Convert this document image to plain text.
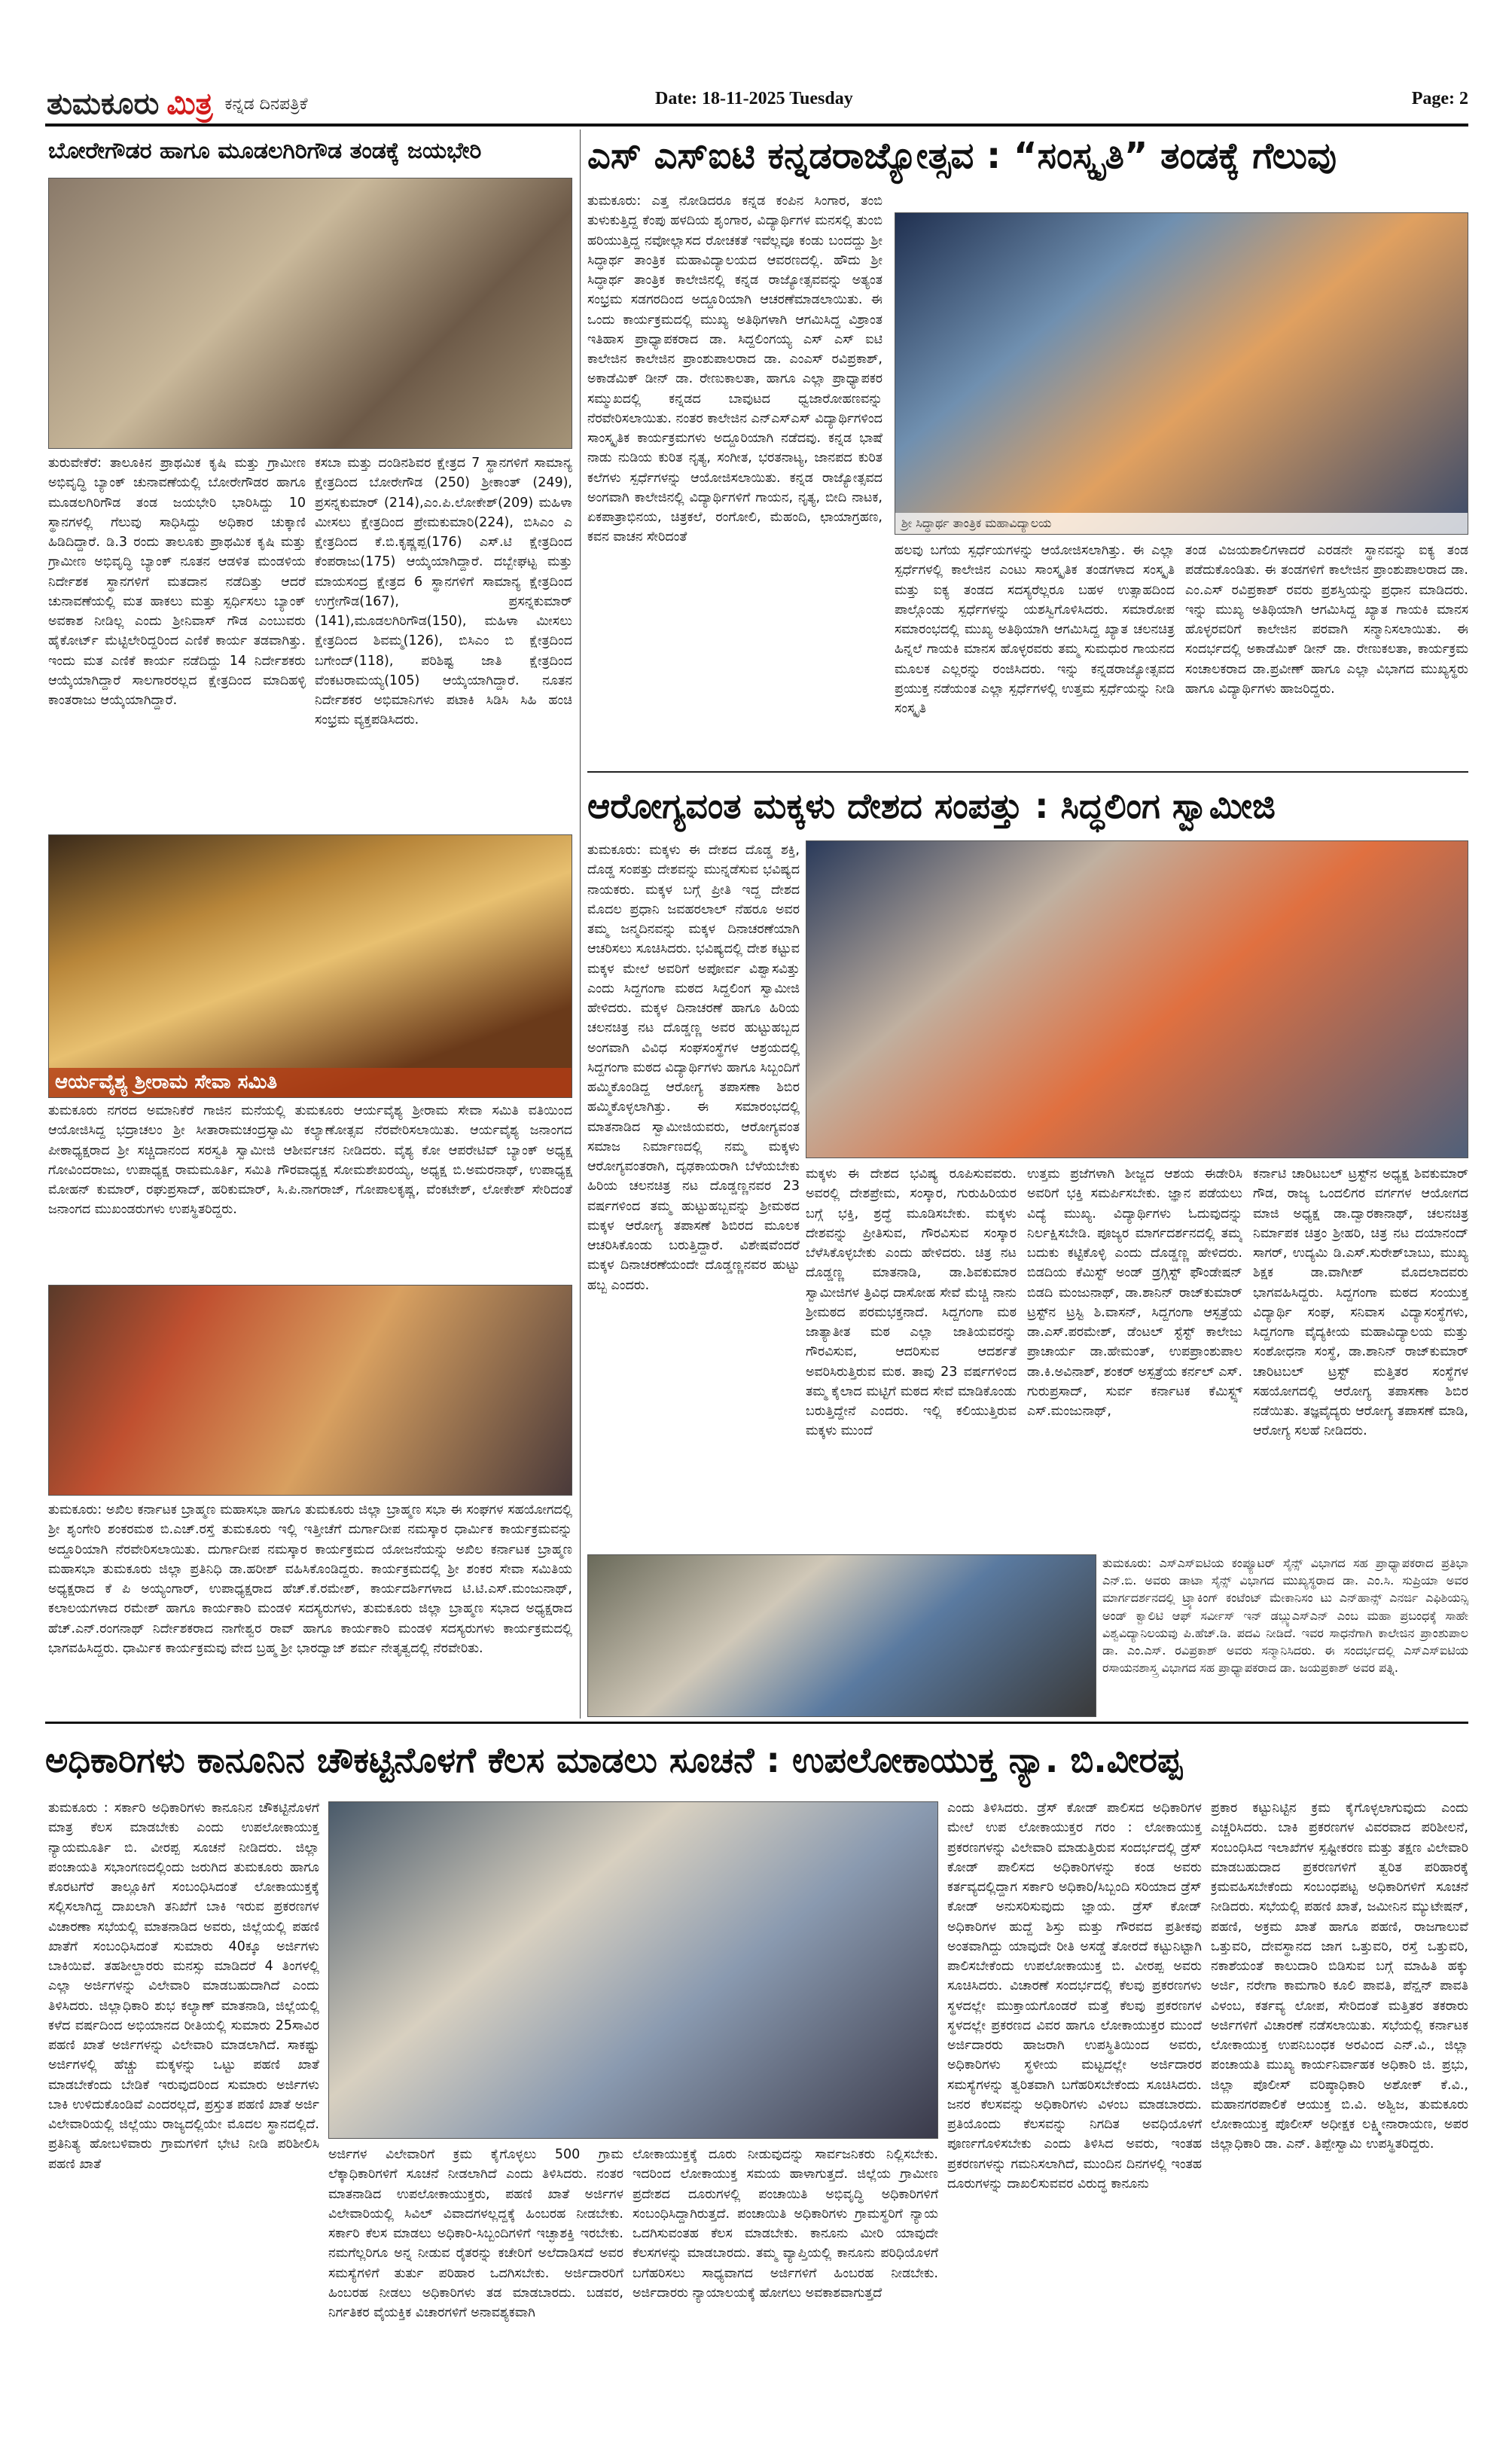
ತುಮಕೂರು ಮಿತ್ರ ಕನ್ನಡ ದಿನಪತ್ರಿಕೆ	Date: 18-11-2025 Tuesday	Page: 2
ಬೋರೇಗೌಡರ ಹಾಗೂ ಮೂಡಲಗಿರಿಗೌಡ ತಂಡಕ್ಕೆ ಜಯಭೇರಿ
ತುರುವೇಕೆರೆ: ತಾಲೂಕಿನ ಪ್ರಾಥಮಿಕ ಕೃಷಿ ಮತ್ತು ಗ್ರಾಮೀಣ ಅಭಿವೃದ್ಧಿ ಬ್ಯಾಂಕ್ ಚುನಾವಣೆಯಲ್ಲಿ ಬೋರೇಗೌಡರ ಹಾಗೂ ಮೂಡಲಗಿರಿಗೌಡ ತಂಡ ಜಯಭೇರಿ ಭಾರಿಸಿದ್ದು 10 ಸ್ಥಾನಗಳಲ್ಲಿ ಗೆಲುವು ಸಾಧಿಸಿದ್ದು ಅಧಿಕಾರ ಚುಕ್ಕಾಣಿ ಹಿಡಿದಿದ್ದಾರೆ. ಡಿ.3 ರಂದು ತಾಲೂಕು ಪ್ರಾಥಮಿಕ ಕೃಷಿ ಮತ್ತು ಗ್ರಾಮೀಣ ಅಭಿವೃದ್ಧಿ ಬ್ಯಾಂಕ್ ನೂತನ ಆಡಳಿತ ಮಂಡಳಿಯ ನಿರ್ದೇಶಕ ಸ್ಥಾನಗಳಿಗೆ ಮತದಾನ ನಡೆದಿತ್ತು ಆದರೆ ಚುನಾವಣೆಯಲ್ಲಿ ಮತ ಹಾಕಲು ಮತ್ತು ಸ್ಪರ್ಧಿಸಲು ಬ್ಯಾಂಕ್ ಅವಕಾಶ ನೀಡಿಲ್ಲ ಎಂದು ಶ್ರೀನಿವಾಸ್ ಗೌಡ ಎಂಬುವರು ಹೈಕೋರ್ಟ್ ಮೆಟ್ಟಿಲೇರಿದ್ದರಿಂದ ಎಣಿಕೆ ಕಾರ್ಯ ತಡವಾಗಿತ್ತು. ಇಂದು ಮತ ಎಣಿಕೆ ಕಾರ್ಯ ನಡೆದಿದ್ದು 14 ನಿರ್ದೇಶಕರು ಆಯ್ಕೆಯಾಗಿದ್ದಾರೆ ಸಾಲಗಾರರಲ್ಲದ ಕ್ಷೇತ್ರದಿಂದ ಮಾದಿಹಳ್ಳಿ ಕಾಂತರಾಜು ಆಯ್ಕೆಯಾಗಿದ್ದಾರೆ.
ಕಸಬಾ ಮತ್ತು ದಂಡಿನಶಿವರ ಕ್ಷೇತ್ರದ 7 ಸ್ಥಾನಗಳಿಗೆ ಸಾಮಾನ್ಯ ಕ್ಷೇತ್ರದಿಂದ ಬೋರೇಗೌಡ (250) ಶ್ರೀಕಾಂತ್ (249), ಪ್ರಸನ್ನಕುಮಾರ್ (214),ಎಂ.ಪಿ.ಲೋಕೇಶ್(209) ಮಹಿಳಾ ಮೀಸಲು ಕ್ಷೇತ್ರದಿಂದ ಪ್ರೇಮಕುಮಾರಿ(224), ಬಿಸಿಎಂ ಎ ಕ್ಷೇತ್ರದಿಂದ ಕೆ.ಬಿ.ಕೃಷ್ಣಪ್ಪ(176) ಎಸ್.ಟಿ ಕ್ಷೇತ್ರದಿಂದ ಕೆಂಪರಾಜು(175) ಆಯ್ಕೆಯಾಗಿದ್ದಾರೆ. ದಬ್ಬೇಘಟ್ಟ ಮತ್ತು ಮಾಯಸಂದ್ರ ಕ್ಷೇತ್ರದ 6 ಸ್ಥಾನಗಳಿಗೆ ಸಾಮಾನ್ಯ ಕ್ಷೇತ್ರದಿಂದ ಉಗ್ರೇಗೌಡ(167), ಪ್ರಸನ್ನಕುಮಾರ್ (141),ಮೂಡಲಗಿರಿಗೌಡ(150), ಮಹಿಳಾ ಮೀಸಲು ಕ್ಷೇತ್ರದಿಂದ ಶಿವಮ್ಮ(126), ಬಿಸಿಎಂ ಬಿ ಕ್ಷೇತ್ರದಿಂದ ಬಗೇಂದ್(118), ಪರಿಶಿಷ್ಟ ಜಾತಿ ಕ್ಷೇತ್ರದಿಂದ ವೆಂಕಟರಾಮಯ್ಯ(105) ಆಯ್ಕೆಯಾಗಿದ್ದಾರೆ. ನೂತನ ನಿರ್ದೇಶಕರ ಅಭಿಮಾನಿಗಳು ಪಟಾಕಿ ಸಿಡಿಸಿ ಸಿಹಿ ಹಂಚಿ ಸಂಭ್ರಮ ವ್ಯಕ್ತಪಡಿಸಿದರು.
ಎಸ್ ಎಸ್ಐಟಿ ಕನ್ನಡರಾಜ್ಯೋತ್ಸವ : “ಸಂಸ್ಕೃತಿ” ತಂಡಕ್ಕೆ ಗೆಲುವು
ತುಮಕೂರು: ಎತ್ತ ನೋಡಿದರೂ ಕನ್ನಡ ಕಂಪಿನ ಸಿಂಗಾರ, ತಂಬಿ ತುಳುಕುತ್ತಿದ್ದ ಕೆಂಪು ಹಳದಿಯ ಶೃಂಗಾರ, ವಿದ್ಯಾರ್ಥಿಗಳ ಮನಸಲ್ಲಿ ತುಂಬಿ ಹರಿಯುತ್ತಿದ್ದ ನವೋಲ್ಲಾಸದ ರೋಚಕತೆ ಇವೆಲ್ಲವೂ ಕಂಡು ಬಂದದ್ದು ಶ್ರೀ ಸಿದ್ಧಾರ್ಥ ತಾಂತ್ರಿಕ ಮಹಾವಿದ್ಯಾಲಯದ ಆವರಣದಲ್ಲಿ. ಹೌದು ಶ್ರೀ ಸಿದ್ಧಾರ್ಥ ತಾಂತ್ರಿಕ ಕಾಲೇಜಿನಲ್ಲಿ ಕನ್ನಡ ರಾಜ್ಯೋತ್ಸವವನ್ನು ಅತ್ಯಂತ ಸಂಭ್ರಮ ಸಡಗರದಿಂದ ಅದ್ದೂರಿಯಾಗಿ ಆಚರಣೆಮಾಡಲಾಯಿತು. ಈ ಒಂದು ಕಾರ್ಯಕ್ರಮದಲ್ಲಿ ಮುಖ್ಯ ಅತಿಥಿಗಳಾಗಿ ಆಗಮಿಸಿದ್ದ ವಿಶ್ರಾಂತ ಇತಿಹಾಸ ಪ್ರಾಧ್ಯಾಪಕರಾದ ಡಾ. ಸಿದ್ದಲಿಂಗಯ್ಯ ಎಸ್ ಎಸ್ ಐಟಿ ಕಾಲೇಜಿನ ಕಾಲೇಜಿನ ಪ್ರಾಂಶುಪಾಲರಾದ ಡಾ. ಎಂಎಸ್ ರವಿಪ್ರಕಾಶ್, ಅಕಾಡೆಮಿಕ್ ಡೀನ್ ಡಾ. ರೇಣುಕಾಲತಾ, ಹಾಗೂ ಎಲ್ಲಾ ಪ್ರಾಧ್ಯಾಪಕರ ಸಮ್ಮುಖದಲ್ಲಿ ಕನ್ನಡದ ಬಾವುಟದ ಧ್ವಜಾರೋಹಣವನ್ನು ನೆರವೇರಿಸಲಾಯಿತು. ನಂತರ ಕಾಲೇಜಿನ ಎನ್ಎಸ್ಎಸ್ ವಿದ್ಯಾರ್ಥಿಗಳಿಂದ ಸಾಂಸ್ಕೃತಿಕ ಕಾರ್ಯಕ್ರಮಗಳು ಅದ್ದೂರಿಯಾಗಿ ನಡೆದವು. ಕನ್ನಡ ಭಾಷೆ ನಾಡು ನುಡಿಯ ಕುರಿತ ನೃತ್ಯ, ಸಂಗೀತ, ಭರತನಾಟ್ಯ, ಜಾನಪದ ಕುರಿತ ಕಲೆಗಳು ಸ್ಪರ್ಧೆಗಳನ್ನು ಆಯೋಜಿಸಲಾಯಿತು. ಕನ್ನಡ ರಾಜ್ಯೋತ್ಸವದ ಅಂಗವಾಗಿ ಕಾಲೇಜಿನಲ್ಲಿ ವಿದ್ಯಾರ್ಥಿಗಳಿಗೆ ಗಾಯನ, ನೃತ್ಯ, ಬೀದಿ ನಾಟಕ, ಏಕಪಾತ್ರಾಭಿನಯ, ಚಿತ್ರಕಲೆ, ರಂಗೋಲಿ, ಮೆಹಂದಿ, ಛಾಯಾಗ್ರಹಣ, ಕವನ ವಾಚನ ಸೇರಿದಂತೆ
ಶ್ರೀ ಸಿದ್ಧಾರ್ಥ ತಾಂತ್ರಿಕ ಮಹಾವಿದ್ಯಾಲಯ
ಹಲವು ಬಗೆಯ ಸ್ಪರ್ಧೆಯಗಳನ್ನು ಆಯೋಜಿಸಲಾಗಿತ್ತು. ಈ ಎಲ್ಲಾ ಸ್ಪರ್ಧೆಗಳಲ್ಲಿ ಕಾಲೇಜಿನ ಎಂಟು ಸಾಂಸ್ಕೃತಿಕ ತಂಡಗಳಾದ ಸಂಸ್ಕೃತಿ ಮತ್ತು ಐಕ್ಯ ತಂಡದ ಸದಸ್ಯರೆಲ್ಲರೂ ಬಹಳ ಉತ್ಸಾಹದಿಂದ ಪಾಲ್ಗೊಂಡು ಸ್ಪರ್ಧೆಗಳನ್ನು ಯಶಸ್ವಿಗೊಳಿಸಿದರು. ಸಮಾರೋಪ ಸಮಾರಂಭದಲ್ಲಿ ಮುಖ್ಯ ಅತಿಥಿಯಾಗಿ ಆಗಮಿಸಿದ್ದ ಖ್ಯಾತ ಚಲನಚಿತ್ರ ಹಿನ್ನಲೆ ಗಾಯಕಿ ಮಾನಸ ಹೊಳ್ಳರವರು ತಮ್ಮ ಸುಮಧುರ ಗಾಯನದ ಮೂಲಕ ಎಲ್ಲರನ್ನು ರಂಜಿಸಿದರು. ಇನ್ನು ಕನ್ನಡರಾಜ್ಯೋತ್ಸವದ ಪ್ರಯುಕ್ತ ನಡೆಯಂತ ಎಲ್ಲಾ ಸ್ಪರ್ಧೆಗಳಲ್ಲಿ ಉತ್ತಮ ಸ್ಪರ್ಧೆಯನ್ನು ನೀಡಿ ಸಂಸ್ಕೃತಿ
ತಂಡ ವಿಜಯಶಾಲಿಗಳಾದರೆ ಎರಡನೇ ಸ್ಥಾನವನ್ನು ಐಕ್ಯ ತಂಡ ಪಡೆದುಕೊಂಡಿತು. ಈ ತಂಡಗಳಿಗೆ ಕಾಲೇಜಿನ ಪ್ರಾಂಶುಪಾಲರಾದ ಡಾ. ಎಂ.ಎಸ್ ರವಿಪ್ರಕಾಶ್ ರವರು ಪ್ರಶಸ್ತಿಯನ್ನು ಪ್ರಧಾನ ಮಾಡಿದರು. ಇನ್ನು ಮುಖ್ಯ ಅತಿಥಿಯಾಗಿ ಆಗಮಿಸಿದ್ದ ಖ್ಯಾತ ಗಾಯಕಿ ಮಾನಸ ಹೊಳ್ಳರವರಿಗೆ ಕಾಲೇಜಿನ ಪರವಾಗಿ ಸನ್ಮಾನಿಸಲಾಯಿತು. ಈ ಸಂದರ್ಭದಲ್ಲಿ ಅಕಾಡೆಮಿಕ್ ಡೀನ್ ಡಾ. ರೇಣುಕಲತಾ, ಕಾರ್ಯಕ್ರಮ ಸಂಚಾಲಕರಾದ ಡಾ.ಪ್ರವೀಣ್ ಹಾಗೂ ಎಲ್ಲಾ ವಿಭಾಗದ ಮುಖ್ಯಸ್ಥರು ಹಾಗೂ ವಿದ್ಯಾರ್ಥಿಗಳು ಹಾಜರಿದ್ದರು.
ಆರ್ಯವೈಶ್ಯ ಶ್ರೀರಾಮ ಸೇವಾ ಸಮಿತಿ
ತುಮಕೂರು ನಗರದ ಅಮಾನಿಕೆರೆ ಗಾಜಿನ ಮನೆಯಲ್ಲಿ ತುಮಕೂರು ಆರ್ಯವೈಶ್ಯ ಶ್ರೀರಾಮ ಸೇವಾ ಸಮಿತಿ ವತಿಯಿಂದ ಆಯೋಜಿಸಿದ್ದ ಭದ್ರಾಚಲಂ ಶ್ರೀ ಸೀತಾರಾಮಚಂದ್ರಸ್ವಾಮಿ ಕಲ್ಯಾಣೋತ್ಸವ ನೆರವೇರಿಸಲಾಯಿತು. ಆರ್ಯವೈಶ್ಯ ಜನಾಂಗದ ಪೀಠಾಧ್ಯಕ್ಷರಾದ ಶ್ರೀ ಸಚ್ಚಿದಾನಂದ ಸರಸ್ವತಿ ಸ್ವಾಮೀಜಿ ಆಶೀರ್ವಚನ ನೀಡಿದರು. ವೈಶ್ಯ ಕೋ ಆಪರೇಟಿವ್ ಬ್ಯಾಂಕ್ ಅಧ್ಯಕ್ಷ ಗೋವಿಂದರಾಜು, ಉಪಾಧ್ಯಕ್ಷ ರಾಮಮೂರ್ತಿ, ಸಮಿತಿ ಗೌರವಾಧ್ಯಕ್ಷ ಸೋಮಶೇಖರಯ್ಯ, ಅಧ್ಯಕ್ಷ ಬಿ.ಅಮರನಾಥ್, ಉಪಾಧ್ಯಕ್ಷ ಮೋಹನ್ ಕುಮಾರ್, ರಘುಪ್ರಸಾದ್, ಹರಿಕುಮಾರ್, ಸಿ.ಪಿ.ನಾಗರಾಜ್, ಗೋಪಾಲಕೃಷ್ಣ, ವೆಂಕಟೇಶ್, ಲೋಕೇಶ್ ಸೇರಿದಂತೆ ಜನಾಂಗದ ಮುಖಂಡರುಗಳು ಉಪಸ್ಥಿತರಿದ್ದರು.
ತುಮಕೂರು: ಅಖಿಲ ಕರ್ನಾಟಕ ಬ್ರಾಹ್ಮಣ ಮಹಾಸಭಾ ಹಾಗೂ ತುಮಕೂರು ಜಿಲ್ಲಾ ಬ್ರಾಹ್ಮಣ ಸಭಾ ಈ ಸಂಘಗಳ ಸಹಯೋಗದಲ್ಲಿ ಶ್ರೀ ಶೃಂಗೇರಿ ಶಂಕರಮಠ ಬಿ.ಎಚ್.ರಸ್ತೆ ತುಮಕೂರು ಇಲ್ಲಿ ಇತ್ತೀಚೆಗೆ ದುರ್ಗಾದೀಪ ನಮಸ್ಕಾರ ಧಾರ್ಮಿಕ ಕಾರ್ಯಕ್ರಮವನ್ನು ಅದ್ದೂರಿಯಾಗಿ ನೆರವೇರಿಸಲಾಯಿತು. ದುರ್ಗಾದೀಪ ನಮಸ್ಕಾರ ಕಾರ್ಯಕ್ರಮದ ಯೋಜನೆಯನ್ನು ಅಖಿಲ ಕರ್ನಾಟಕ ಬ್ರಾಹ್ಮಣ ಮಹಾಸಭಾ ತುಮಕೂರು ಜಿಲ್ಲಾ ಪ್ರತಿನಿಧಿ ಡಾ.ಹರೀಶ್ ವಹಿಸಿಕೊಂಡಿದ್ದರು. ಕಾರ್ಯಕ್ರಮದಲ್ಲಿ ಶ್ರೀ ಶಂಕರ ಸೇವಾ ಸಮಿತಿಯ ಅಧ್ಯಕ್ಷರಾದ ಕೆ ಪಿ ಅಯ್ಯಂಗಾರ್, ಉಪಾಧ್ಯಕ್ಷರಾದ ಹೆಚ್.ಕೆ.ರಮೇಶ್, ಕಾರ್ಯದರ್ಶಿಗಳಾದ ಟಿ.ಟಿ.ಎಸ್.ಮಂಜುನಾಥ್, ಕಲಾಲಯಗಳಾದ ರಮೇಶ್ ಹಾಗೂ ಕಾರ್ಯಕಾರಿ ಮಂಡಳಿ ಸದಸ್ಯರುಗಳು, ತುಮಕೂರು ಜಿಲ್ಲಾ ಬ್ರಾಹ್ಮಣ ಸಭಾದ ಅಧ್ಯಕ್ಷರಾದ ಹೆಚ್.ಎನ್.ರಂಗನಾಥ್ ನಿರ್ದೇಶಕರಾದ ನಾಗೇಶ್ವರ ರಾವ್ ಹಾಗೂ ಕಾರ್ಯಕಾರಿ ಮಂಡಳಿ ಸದಸ್ಯರುಗಳು ಕಾರ್ಯಕ್ರಮದಲ್ಲಿ ಭಾಗವಹಿಸಿದ್ದರು. ಧಾರ್ಮಿಕ ಕಾರ್ಯಕ್ರಮವು ವೇದ ಬ್ರಹ್ಮ ಶ್ರೀ ಭಾರದ್ವಾಜ್ ಶರ್ಮ ನೇತೃತ್ವದಲ್ಲಿ ನೆರವೇರಿತು.
ಆರೋಗ್ಯವಂತ ಮಕ್ಕಳು ದೇಶದ ಸಂಪತ್ತು : ಸಿದ್ಧಲಿಂಗ ಸ್ವಾಮೀಜಿ
ತುಮಕೂರು: ಮಕ್ಕಳು ಈ ದೇಶದ ದೊಡ್ಡ ಶಕ್ತಿ, ದೊಡ್ಡ ಸಂಪತ್ತು ದೇಶವನ್ನು ಮುನ್ನಡೆಸುವ ಭವಿಷ್ಯದ ನಾಯಕರು. ಮಕ್ಕಳ ಬಗ್ಗೆ ಪ್ರೀತಿ ಇದ್ದ ದೇಶದ ಮೊದಲ ಪ್ರಧಾನಿ ಜವಹರಲಾಲ್ ನೆಹರೂ ಅವರ ತಮ್ಮ ಜನ್ಮದಿನವನ್ನು ಮಕ್ಕಳ ದಿನಾಚರಣೆಯಾಗಿ ಆಚರಿಸಲು ಸೂಚಿಸಿದರು. ಭವಿಷ್ಯದಲ್ಲಿ ದೇಶ ಕಟ್ಟುವ ಮಕ್ಕಳ ಮೇಲೆ ಅವರಿಗೆ ಅಪೋರ್ವ ವಿಶ್ವಾಸವಿತ್ತು ಎಂದು ಸಿದ್ದಗಂಗಾ ಮಠದ ಸಿದ್ದಲಿಂಗ ಸ್ವಾಮೀಜಿ ಹೇಳಿದರು. ಮಕ್ಕಳ ದಿನಾಚರಣೆ ಹಾಗೂ ಹಿರಿಯ ಚಲನಚಿತ್ರ ನಟ ದೊಡ್ಡಣ್ಣ ಅವರ ಹುಟ್ಟುಹಬ್ಬದ ಅಂಗವಾಗಿ ವಿವಿಧ ಸಂಘಸಂಸ್ಥೆಗಳ ಆಶ್ರಯದಲ್ಲಿ ಸಿದ್ದಗಂಗಾ ಮಠದ ವಿದ್ಯಾರ್ಥಿಗಳು ಹಾಗೂ ಸಿಬ್ಬಂದಿಗೆ ಹಮ್ಮಿಕೊಂಡಿದ್ದ ಆರೋಗ್ಯ ತಪಾಸಣಾ ಶಿಬಿರ ಹಮ್ಮಿಕೊಳ್ಳಲಾಗಿತ್ತು. ಈ ಸಮಾರಂಭದಲ್ಲಿ ಮಾತನಾಡಿದ ಸ್ವಾಮೀಜಿಯವರು, ಆರೋಗ್ಯವಂತ ಸಮಾಜ ನಿರ್ಮಾಣದಲ್ಲಿ ನಮ್ಮ ಮಕ್ಕಳು ಆರೋಗ್ಯವಂತರಾಗಿ, ದೃಢಕಾಯರಾಗಿ ಬೆಳೆಯಬೇಕು ಹಿರಿಯ ಚಲನಚಿತ್ರ ನಟ ದೊಡ್ಡಣ್ಣನವರ 23 ವರ್ಷಗಳಿಂದ ತಮ್ಮ ಹುಟ್ಟುಹಬ್ಬವನ್ನು ಶ್ರೀಮಠದ ಮಕ್ಕಳ ಆರೋಗ್ಯ ತಪಾಸಣೆ ಶಿಬಿರದ ಮೂಲಕ ಆಚರಿಸಿಕೊಂಡು ಬರುತ್ತಿದ್ದಾರೆ. ವಿಶೇಷವೆಂದರೆ ಮಕ್ಕಳ ದಿನಾಚರಣೆಯಂದೇ ದೊಡ್ಡಣ್ಣನವರ ಹುಟ್ಟು ಹಬ್ಬ ಎಂದರು.
ಮಕ್ಕಳು ಈ ದೇಶದ ಭವಿಷ್ಯ ರೂಪಿಸುವವರು. ಅವರಲ್ಲಿ ದೇಶಪ್ರೇಮ, ಸಂಸ್ಕಾರ, ಗುರುಹಿರಿಯರ ಬಗ್ಗೆ ಭಕ್ತಿ, ಶ್ರದ್ಧೆ ಮೂಡಿಸಬೇಕು. ಮಕ್ಕಳು ದೇಶವನ್ನು ಪ್ರೀತಿಸುವ, ಗೌರವಿಸುವ ಸಂಸ್ಕಾರ ಬೆಳೆಸಿಕೊಳ್ಳಬೇಕು ಎಂದು ಹೇಳಿದರು. ಚಿತ್ರ ನಟ ದೊಡ್ಡಣ್ಣ ಮಾತನಾಡಿ, ಡಾ.ಶಿವಕುಮಾರ ಸ್ವಾಮೀಜಿಗಳ ತ್ರಿವಿಧ ದಾಸೋಹ ಸೇವೆ ಮೆಚ್ಚಿ ನಾನು ಶ್ರೀಮಠದ ಪರಮಭಕ್ತನಾದೆ. ಸಿದ್ದಗಂಗಾ ಮಠ ಜಾತ್ಯಾತೀತ ಮಠ ಎಲ್ಲಾ ಜಾತಿಯವರನ್ನು ಗೌರವಿಸುವ, ಆದರಿಸುವ ಆದರ್ಶತೆ ಅವರಿಸಿರುತ್ತಿರುವ ಮಠ. ತಾವು 23 ವರ್ಷಗಳಿಂದ ತಮ್ಮ ಕೈಲಾದ ಮಟ್ಟಿಗೆ ಮಠದ ಸೇವೆ ಮಾಡಿಕೊಂಡು ಬರುತ್ತಿದ್ದೇನೆ ಎಂದರು. ಇಲ್ಲಿ ಕಲಿಯುತ್ತಿರುವ ಮಕ್ಕಳು ಮುಂದೆ
ಉತ್ತಮ ಪ್ರಜೆಗಳಾಗಿ ಶೀಜ್ಜದ ಆಶಯ ಈಡೇರಿಸಿ ಅವರಿಗೆ ಭಕ್ತಿ ಸಮರ್ಪಿಸಬೇಕು. ಜ್ಞಾನ ಪಡೆಯಲು ವಿದ್ಯೆ ಮುಖ್ಯ. ವಿದ್ಯಾರ್ಥಿಗಳು ಓದುವುದನ್ನು ನಿರ್ಲಕ್ಷಿಸಬೇಡಿ. ಪೂಜ್ಯರ ಮಾರ್ಗದರ್ಶನದಲ್ಲಿ ತಮ್ಮ ಬದುಕು ಕಟ್ಟಿಕೊಳ್ಳಿ ಎಂದು ದೊಡ್ಡಣ್ಣ ಹೇಳಿದರು. ಬಿಡದಿಯ ಕೆಮಿಸ್ಟ್ ಅಂಡ್ ಡ್ರಗ್ಗಿಸ್ಟ್ ಫೌಂಡೇಷನ್ ಬಿಡದಿ ಮಂಜುನಾಥ್, ಡಾ.ಶಾನಿನ್ ರಾಜ್‌ಕುಮಾರ್ ಟ್ರಸ್ಟ್‌ನ ಟ್ರಸ್ಟಿ ಶಿ.ವಾಸನ್, ಸಿದ್ದಗಂಗಾ ಆಸ್ಪತ್ರೆಯ ಡಾ.ಎಸ್.ಪರಮೇಶ್, ಡೆಂಟಲ್ ಸ್ಟೆಸ್ಟ್ ಕಾಲೇಜು ಪ್ರಾಚಾರ್ಯ ಡಾ.ಹೇಮಂತ್, ಉಪಪ್ರಾಂಶುಪಾಲ ಡಾ.ಕಿ.ಅವಿನಾಶ್, ಶಂಕರ್ ಅಸ್ಪತ್ರೆಯ ಕರ್ನಲ್ ಎಸ್. ಗುರುಪ್ರಸಾದ್, ಸುರ್ವ ಕರ್ನಾಟಕ ಕೆಮಿಸ್ಟ್ಸ್ ಎಸ್.ಮಂಜುನಾಥ್,
ಕರ್ನಾಟಿ ಚಾರಿಟಬಲ್ ಟ್ರಸ್ಟ್‌ನ ಅಧ್ಯಕ್ಷ ಶಿವಕುಮಾರ್ ಗೌಡ, ರಾಜ್ಯ ಒಂದಲಿಗರ ವರ್ಗಗಳ ಆಯೋಗದ ಮಾಜಿ ಅಧ್ಯಕ್ಷ ಡಾ.ದ್ವಾರಕಾನಾಥ್, ಚಲನಚಿತ್ರ ನಿರ್ಮಾಪಕ ಚಿತ್ರಂ ಶ್ರೀಹರಿ, ಚಿತ್ರ ನಟ ದಯಾನಂದ್ ಸಾಗರ್, ಉದ್ಯಮಿ ಡಿ.ಎಸ್.ಸುರೇಶ್‌ಬಾಬು, ಮುಖ್ಯ ಶಿಕ್ಷಕ ಡಾ.ವಾಗೀಶ್ ಮೊದಲಾದವರು ಭಾಗವಹಿಸಿದ್ದರು. ಸಿದ್ದಗಂಗಾ ಮಠದ ಸಂಯುಕ್ತ ವಿದ್ಯಾರ್ಥಿ ಸಂಘ, ಸನಿವಾಸ ವಿದ್ಯಾಸಂಸ್ಥೆಗಳು, ಸಿದ್ದಗಂಗಾ ವೈದ್ಯಕೀಯ ಮಹಾವಿದ್ಯಾಲಯ ಮತ್ತು ಸಂಶೋಧನಾ ಸಂಸ್ಥೆ, ಡಾ.ಶಾನಿನ್ ರಾಜ್‌ಕುಮಾರ್ ಚಾರಿಟಬಲ್ ಟ್ರಸ್ಟ್ ಮತ್ತಿತರ ಸಂಸ್ಥೆಗಳ ಸಹಯೋಗದಲ್ಲಿ ಆರೋಗ್ಯ ತಪಾಸಣಾ ಶಿಬಿರ ನಡೆಯಿತು. ತಜ್ಞವೈದ್ಯರು ಆರೋಗ್ಯ ತಪಾಸಣೆ ಮಾಡಿ, ಆರೋಗ್ಯ ಸಲಹೆ ನೀಡಿದರು.
ತುಮಕೂರು: ಎಸ್‌ಎಸ್ಐಟಿಯ ಕಂಪ್ಯೂಟರ್ ಸೈನ್ಸ್ ವಿಭಾಗದ ಸಹ ಪ್ರಾಧ್ಯಾಪಕರಾದ ಪ್ರತಿಭಾ ಎನ್.ಬಿ. ಅವರು ಡಾಟಾ ಸೈನ್ಸ್ ವಿಭಾಗದ ಮುಖ್ಯಸ್ಥರಾದ ಡಾ. ಎಂ.ಸಿ. ಸುಪ್ರಿಯಾ ಅವರ ಮಾರ್ಗದರ್ಶನದಲ್ಲಿ ಟ್ರ್ಯಾಕಿಂಗ್ ಕಂಟೆಂಟ್ ಮೇಕಾನಿಸಂ ಟು ಎನ್‌ಹಾನ್ಸ್ ಎನರ್ಜಿ ಎಫಿಶಿಯನ್ಸಿ ಅಂಡ್ ಕ್ವಾಲಿಟಿ ಆಫ್ ಸರ್ವೀಸ್ ಇನ್ ಡಬ್ಲ್ಯುಎಸ್ಎನ್ ಎಂಬ ಮಹಾ ಪ್ರಬಂಧಕ್ಕೆ ಸಾಹೇ ವಿಶ್ವವಿದ್ಯಾನಿಲಯವು ಪಿ.ಹೆಚ್.ಡಿ. ಪದವಿ ನೀಡಿದೆ. ಇವರ ಸಾಧನೆಗಾಗಿ ಕಾಲೇಜಿನ ಪ್ರಾಂಶುಪಾಲ ಡಾ. ಎಂ.ಎಸ್. ರವಿಪ್ರಕಾಶ್ ಅವರು ಸನ್ಮಾನಿಸಿದರು. ಈ ಸಂದರ್ಭದಲ್ಲಿ ಎಸ್ಎಸ್ಐಟಿಯ ರಸಾಯನಶಾಸ್ತ್ರ ವಿಭಾಗದ ಸಹ ಪ್ರಾಧ್ಯಾಪಕರಾದ ಡಾ. ಜಯಪ್ರಕಾಶ್ ಅವರ ಪತ್ನಿ.
ಅಧಿಕಾರಿಗಳು ಕಾನೂನಿನ ಚೌಕಟ್ಟಿನೊಳಗೆ ಕೆಲಸ ಮಾಡಲು ಸೂಚನೆ : ಉಪಲೋಕಾಯುಕ್ತ ನ್ಯಾ. ಬಿ.ವೀರಪ್ಪ
ತುಮಕೂರು : ಸರ್ಕಾರಿ ಅಧಿಕಾರಿಗಳು ಕಾನೂನಿನ ಚೌಕಟ್ಟಿನೊಳಗೆ ಮಾತ್ರ ಕೆಲಸ ಮಾಡಬೇಕು ಎಂದು ಉಪಲೋಕಾಯುಕ್ತ ನ್ಯಾಯಮೂರ್ತಿ ಬಿ. ವೀರಪ್ಪ ಸೂಚನೆ ನೀಡಿದರು. ಜಿಲ್ಲಾ ಪಂಚಾಯತಿ ಸಭಾಂಗಣದಲ್ಲಿಂದು ಜರುಗಿದ ತುಮಕೂರು ಹಾಗೂ ಕೊರಟಗೆರೆ ತಾಲ್ಲೂಕಿಗೆ ಸಂಬಂಧಿಸಿದಂತೆ ಲೋಕಾಯುಕ್ತಕ್ಕೆ ಸಲ್ಲಿಸಲಾಗಿದ್ದ ದಾಖಲಾಗಿ ತನಿಖೆಗೆ ಬಾಕಿ ಇರುವ ಪ್ರಕರಣಗಳ ವಿಚಾರಣಾ ಸಭೆಯಲ್ಲಿ ಮಾತನಾಡಿದ ಅವರು, ಜಿಲ್ಲೆಯಲ್ಲಿ ಪಹಣಿ ಖಾತೆಗೆ ಸಂಬಂಧಿಸಿದಂತೆ ಸುಮಾರು 40ಕ್ಕೂ ಅರ್ಜಿಗಳು ಬಾಕಿಯಿವೆ. ತಹಶೀಲ್ದಾರರು ಮನಸ್ಸು ಮಾಡಿದರೆ 4 ತಿಂಗಳಲ್ಲಿ ಎಲ್ಲಾ ಅರ್ಜಿಗಳನ್ನು ವಿಲೇವಾರಿ ಮಾಡಬಹುದಾಗಿದೆ ಎಂದು ತಿಳಿಸಿದರು. ಜಿಲ್ಲಾಧಿಕಾರಿ ಶುಭ ಕಲ್ಯಾಣ್ ಮಾತನಾಡಿ, ಜಿಲ್ಲೆಯಲ್ಲಿ ಕಳೆದ ವರ್ಷದಿಂದ ಅಭಿಯಾನದ ರೀತಿಯಲ್ಲಿ ಸುಮಾರು 25ಸಾವಿರ ಪಹಣಿ ಖಾತೆ ಅರ್ಜಿಗಳನ್ನು ವಿಲೇವಾರಿ ಮಾಡಲಾಗಿದೆ. ಸಾಕಷ್ಟು ಅರ್ಜಿಗಳಲ್ಲಿ ಹೆಚ್ಚು ಮಕ್ಕಳನ್ನು ಒಟ್ಟು ಪಹಣಿ ಖಾತೆ ಮಾಡಬೇಕೆಂದು ಬೇಡಿಕೆ ಇರುವುದರಿಂದ ಸುಮಾರು ಅರ್ಜಿಗಳು ಬಾಕಿ ಉಳಿದುಕೊಂಡಿವೆ ಎಂದರಲ್ಲದೆ, ಪ್ರಸ್ತುತ ಪಹಣಿ ಖಾತೆ ಅರ್ಜಿ ವಿಲೇವಾರಿಯಲ್ಲಿ ಜಿಲ್ಲೆಯು ರಾಜ್ಯದಲ್ಲಿಯೇ ಮೊದಲ ಸ್ಥಾನದಲ್ಲಿದೆ. ಪ್ರತಿನಿತ್ಯ ಹೋಬಳಿವಾರು ಗ್ರಾಮಗಳಿಗೆ ಭೇಟಿ ನೀಡಿ ಪರಿಶೀಲಿಸಿ ಪಹಣಿ ಖಾತೆ
ಅರ್ಜಿಗಳ ವಿಲೇವಾರಿಗೆ ಕ್ರಮ ಕೈಗೊಳ್ಳಲು 500 ಗ್ರಾಮ ಲೆಕ್ಕಾಧಿಕಾರಿಗಳಿಗೆ ಸೂಚನೆ ನೀಡಲಾಗಿದೆ ಎಂದು ತಿಳಿಸಿದರು. ನಂತರ ಮಾತನಾಡಿದ ಉಪಲೋಕಾಯುಕ್ತರು, ಪಹಣಿ ಖಾತೆ ಅರ್ಜಿಗಳ ವಿಲೇವಾರಿಯಲ್ಲಿ ಸಿವಿಲ್ ವಿವಾದಗಳಲ್ಲದ್ದಕ್ಕೆ ಹಿಂಬರಹ ನೀಡಬೇಕು. ಸರ್ಕಾರಿ ಕೆಲಸ ಮಾಡಲು ಅಧಿಕಾರಿ-ಸಿಬ್ಬಂದಿಗಳಿಗೆ ಇಚ್ಛಾಶಕ್ತಿ ಇರಬೇಕು. ನಮಗೆಲ್ಲರಿಗೂ ಅನ್ನ ನೀಡುವ ರೈತರನ್ನು ಕಚೇರಿಗೆ ಅಲೆದಾಡಿಸದೆ ಅವರ ಸಮಸ್ಯೆಗಳಿಗೆ ತುರ್ತು ಪರಿಹಾರ ಒದಗಿಸಬೇಕು. ಅರ್ಜಿದಾರರಿಗೆ ಹಿಂಬರಹ ನೀಡಲು ಅಧಿಕಾರಿಗಳು ತಡ ಮಾಡಬಾರದು. ಬಡವರ, ನಿರ್ಗತಿಕರ ವೈಯಕ್ತಿಕ ವಿಚಾರಗಳಿಗೆ ಅನಾವಶ್ಯಕವಾಗಿ
ಲೋಕಾಯುಕ್ತಕ್ಕೆ ದೂರು ನೀಡುವುದನ್ನು ಸಾರ್ವಜನಿಕರು ನಿಲ್ಲಿಸಬೇಕು. ಇದರಿಂದ ಲೋಕಾಯುಕ್ತ ಸಮಯ ಹಾಳಾಗುತ್ತದೆ. ಜಿಲ್ಲೆಯ ಗ್ರಾಮೀಣ ಪ್ರದೇಶದ ದೂರುಗಳಲ್ಲಿ ಪಂಚಾಯಿತಿ ಅಭಿವೃದ್ಧಿ ಅಧಿಕಾರಿಗಳಿಗೆ ಸಂಬಂಧಿಸಿದ್ದಾಗಿರುತ್ತದೆ. ಪಂಚಾಯಿತಿ ಅಧಿಕಾರಿಗಳು ಗ್ರಾಮಸ್ಥರಿಗೆ ನ್ಯಾಯ ಒದಗಿಸುವಂತಹ ಕೆಲಸ ಮಾಡಬೇಕು. ಕಾನೂನು ಮೀರಿ ಯಾವುದೇ ಕೆಲಸಗಳನ್ನು ಮಾಡಬಾರದು. ತಮ್ಮ ವ್ಯಾಪ್ತಿಯಲ್ಲಿ ಕಾನೂನು ಪರಿಧಿಯೊಳಗೆ ಬಗೆಹರಿಸಲು ಸಾಧ್ಯವಾಗದ ಅರ್ಜಿಗಳಿಗೆ ಹಿಂಬರಹ ನೀಡಬೇಕು. ಅರ್ಜಿದಾರರು ನ್ಯಾಯಾಲಯಕ್ಕೆ ಹೋಗಲು ಅವಕಾಶವಾಗುತ್ತದೆ
ಎಂದು ತಿಳಿಸಿದರು. ಡ್ರೆಸ್ ಕೋಡ್ ಪಾಲಿಸದ ಅಧಿಕಾರಿಗಳ ಮೇಲೆ ಉಪ ಲೋಕಾಯುಕ್ತರ ಗರಂ : ಲೋಕಾಯುಕ್ತ ಪ್ರಕರಣಗಳನ್ನು ವಿಲೇವಾರಿ ಮಾಡುತ್ತಿರುವ ಸಂದರ್ಭದಲ್ಲಿ ಡ್ರೆಸ್ ಕೋಡ್ ಪಾಲಿಸದ ಅಧಿಕಾರಿಗಳನ್ನು ಕಂಡ ಅವರು ಕರ್ತವ್ಯದಲ್ಲಿದ್ದಾಗ ಸರ್ಕಾರಿ ಅಧಿಕಾರಿ/ಸಿಬ್ಬಂದಿ ಸರಿಯಾದ ಡ್ರೆಸ್ ಕೋಡ್ ಅನುಸರಿಸುವುದು ಜ್ಞಾಯ. ಡ್ರೆಸ್ ಕೋಡ್ ಅಧಿಕಾರಿಗಳ ಹುದ್ದೆ ಶಿಸ್ತು ಮತ್ತು ಗೌರವದ ಪ್ರತೀಕವು ಅಂತವಾಗಿದ್ದು ಯಾವುದೇ ರೀತಿ ಅಸಡ್ಡೆ ತೋರದೆ ಕಟ್ಟುನಿಟ್ಟಾಗಿ ಪಾಲಿಸಬೇಕೆಂದು ಉಪಲೋಕಾಯುಕ್ತ ಬಿ. ವೀರಪ್ಪ ಅವರು ಸೂಚಿಸಿದರು. ವಿಚಾರಣೆ ಸಂದರ್ಭದಲ್ಲಿ ಕೆಲವು ಪ್ರಕರಣಗಳು ಸ್ಥಳದಲ್ಲೇ ಮುಕ್ತಾಯಗೊಂಡರೆ ಮತ್ತೆ ಕೆಲವು ಪ್ರಕರಣಗಳ ಸ್ಥಳದಲ್ಲೇ ಪ್ರಕರಣದ ವಿವರ ಹಾಗೂ ಲೋಕಾಯುಕ್ತರ ಮುಂದೆ ಅರ್ಜಿದಾರರು ಹಾಜರಾಗಿ ಉಪಸ್ಥಿತಿಯಿಂದ ಅವರು, ಅಧಿಕಾರಿಗಳು ಸ್ಥಳೀಯ ಮಟ್ಟದಲ್ಲೇ ಅರ್ಜಿದಾರರ ಸಮಸ್ಯೆಗಳನ್ನು ತ್ವರಿತವಾಗಿ ಬಗೆಹರಿಸಬೇಕೆಂದು ಸೂಚಿಸಿದರು. ಜನರ ಕೆಲಸವನ್ನು ಅಧಿಕಾರಿಗಳು ವಿಳಂಬ ಮಾಡಬಾರದು. ಪ್ರತಿಯೊಂದು ಕೆಲಸವನ್ನು ನಿಗದಿತ ಅವಧಿಯೊಳಗೆ ಪೂರ್ಣಗೊಳಿಸಬೇಕು ಎಂದು ತಿಳಿಸಿದ ಅವರು, ಇಂತಹ ಪ್ರಕರಣಗಳನ್ನು ಗಮನಿಸಲಾಗಿದೆ, ಮುಂದಿನ ದಿನಗಳಲ್ಲಿ ಇಂತಹ ದೂರುಗಳನ್ನು ದಾಖಲಿಸುವವರ ವಿರುದ್ಧ ಕಾನೂನು
ಪ್ರಕಾರ ಕಟ್ಟುನಿಟ್ಟಿನ ಕ್ರಮ ಕೈಗೊಳ್ಳಲಾಗುವುದು ಎಂದು ಎಚ್ಚರಿಸಿದರು. ಬಾಕಿ ಪ್ರಕರಣಗಳ ವಿವರವಾದ ಪರಿಶೀಲನೆ, ಸಂಬಂಧಿಸಿದ ಇಲಾಖೆಗಳ ಸ್ಪಷ್ಟೀಕರಣ ಮತ್ತು ತಕ್ಷಣ ವಿಲೇವಾರಿ ಮಾಡಬಹುದಾದ ಪ್ರಕರಣಗಳಿಗೆ ತ್ವರಿತ ಪರಿಹಾರಕ್ಕೆ ಕ್ರಮವಹಿಸಬೇಕೆಂದು ಸಂಬಂಧಪಟ್ಟ ಅಧಿಕಾರಿಗಳಿಗೆ ಸೂಚನೆ ನೀಡಿದರು. ಸಭೆಯಲ್ಲಿ ಪಹಣಿ ಖಾತೆ, ಜಮೀನಿನ ಮ್ಯುಟೇಷನ್, ಪಹಣಿ, ಅಕ್ರಮ ಖಾತೆ ಹಾಗೂ ಪಹಣಿ, ರಾಜಗಾಲುವೆ ಒತ್ತುವರಿ, ದೇವಸ್ಥಾನದ ಜಾಗ ಒತ್ತುವರಿ, ರಸ್ತೆ ಒತ್ತುವರಿ, ನಕಾಶೆಯಂತೆ ಕಾಲುದಾರಿ ಬಿಡಿಸುವ ಬಗ್ಗೆ ಮಾಹಿತಿ ಹಕ್ಕು ಅರ್ಜಿ, ನರೇಗಾ ಕಾಮಗಾರಿ ಕೂಲಿ ಪಾವತಿ, ಪೆನ್ಷನ್ ಪಾವತಿ ವಿಳಂಬ, ಕರ್ತವ್ಯ ಲೋಪ, ಸೇರಿದಂತೆ ಮತ್ತಿತರ ತಕರಾರು ಅರ್ಜಿಗಳಿಗೆ ವಿಚಾರಣೆ ನಡೆಸಲಾಯಿತು. ಸಭೆಯಲ್ಲಿ ಕರ್ನಾಟಕ ಲೋಕಾಯುಕ್ತ ಉಪನಿಬಂಧಕ ಅರವಿಂದ ಎನ್.ವಿ., ಜಿಲ್ಲಾ ಪಂಚಾಯತಿ ಮುಖ್ಯ ಕಾರ್ಯನಿರ್ವಾಹಕ ಅಧಿಕಾರಿ ಜಿ. ಪ್ರಭು, ಜಿಲ್ಲಾ ಪೊಲೀಸ್ ವರಿಷ್ಠಾಧಿಕಾರಿ ಅಶೋಕ್ ಕೆ.ವಿ., ಮಹಾನಗರಪಾಲಿಕೆ ಆಯುಕ್ತ ಬಿ.ವಿ. ಅಶ್ವಿಜ, ತುಮಕೂರು ಲೋಕಾಯುಕ್ತ ಪೊಲೀಸ್ ಅಧೀಕ್ಷಕ ಲಕ್ಷ್ಮೀನಾರಾಯಣ, ಅಪರ ಜಿಲ್ಲಾಧಿಕಾರಿ ಡಾ. ಎನ್. ತಿಪ್ಪೇಸ್ವಾಮಿ ಉಪಸ್ಥಿತರಿದ್ದರು.
